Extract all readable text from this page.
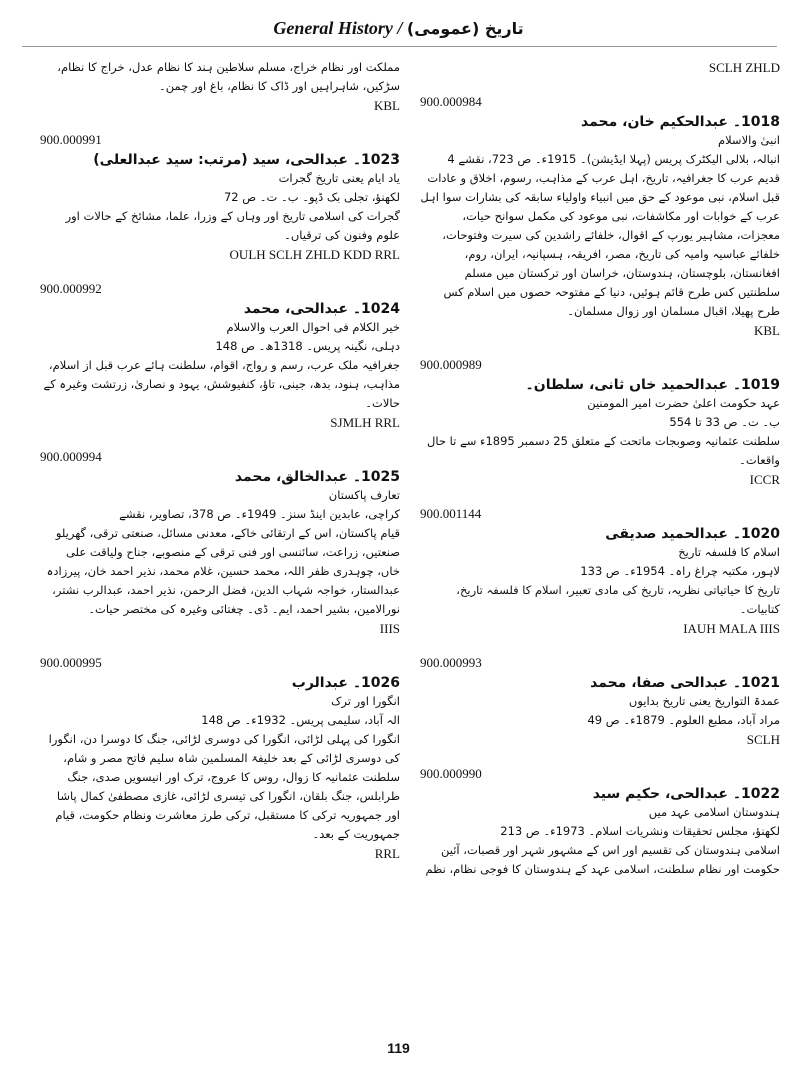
General History / تاریخ (عمومی)
مملکت اور نظام خراج، مسلم سلاطین ہند کا نظام عدل، خراج کا نظام، سڑکیں، شاہراہیں اور ڈاک کا نظام، باغ اور چمن۔
KBL
900.000991
1023۔ عبدالحی، سید (مرتب: سید عبدالعلی)
یاد ایام یعنی تاریخ گجرات
لکھنؤ، تجلی بک ڈپو۔ ب۔ ت۔ ص 72
گجرات کی اسلامی تاریخ اور وہاں کے وزرا، علما، مشائخ کے حالات اور علوم وفنون کی ترقیاں۔
OULH SCLH ZHLD KDD RRL
900.000992
1024۔ عبدالحی، محمد
خیر الکلام فی احوال العرب والاسلام
دہلی، نگینہ پریس۔ 1318ھ۔ ص 148
جغرافیہ ملک عرب، رسم و رواج، اقوام، سلطنت ہائے عرب قبل از اسلام، مذاہب، ہنود، بدھ، جینی، تاؤ، کنفیوشش، یہود و نصاریٰ، زرتشت وغیرہ کے حالات۔
SJMLH RRL
900.000994
1025۔ عبدالخالق، محمد
تعارف پاکستان
کراچی، عابدین اینڈ سنز۔ 1949ء۔ ص 378، تصاویر، نقشے
قیام پاکستان، اس کے ارتقائی خاکے، معدنی مسائل، صنعتی ترقی، گھریلو صنعتیں، زراعت، سائنسی اور فنی ترقی کے منصوبے، جناح ولیاقت علی خاں، چوہدری ظفر اللہ، محمد حسین، غلام محمد، نذیر احمد خان، پیرزادہ عبدالستار، خواجہ شہاب الدین، فضل الرحمن، نذیر احمد، عبدالرب نشتر، نورالامین، بشیر احمد، ایم۔ ڈی۔ چغتائی وغیرہ کی مختصر حیات۔
IIIS
900.000995
1026۔ عبدالرب
انگورا اور ترک
الہ آباد، سلیمی پریس۔ 1932ء۔ ص 148
انگورا کی پہلی لڑائی، انگورا کی دوسری لڑائی، جنگ کا دوسرا دن، انگورا کی دوسری لڑائی کے بعد خلیفۃ المسلمین شاہ سلیم فاتح مصر و شام، سلطنت عثمانیہ کا زوال، روس کا عروج، ترک اور انیسویں صدی، جنگ طرابلس، جنگ بلقان، انگورا کی تیسری لڑائی، غازی مصطفیٰ کمال پاشا اور جمہوریہ ترکی کا مستقبل، ترکی طرز معاشرت ونظام حکومت، قیام جمہوریت کے بعد۔
RRL
SCLH ZHLD
900.000984
1018۔ عبدالحکیم خان، محمد
انبیٰ والاسلام
انبالہ، بلالی الیکٹرک پریس (پہلا ایڈیشن)۔ 1915ء۔ ص 723، نقشے 4
قدیم عرب کا جغرافیہ، تاریخ، اہل عرب کے مذاہب، رسوم، اخلاق و عادات قبل اسلام، نبی موعود کے حق میں انبیاء واولیاء سابقہ کی بشارات سوا اہل عرب کے خوابات اور مکاشفات، نبی موعود کی مکمل سوانح حیات، معجزات، مشاہیر یورپ کے اقوال، خلفائے راشدین کی سیرت وفتوحات، خلفائے عباسیہ وامیہ کی تاریخ، مصر، افریقہ، ہسپانیہ، ایران، روم، افغانستان، بلوچستان، ہندوستان، خراسان اور ترکستان میں مسلم سلطنتیں کس طرح قائم ہوئیں، دنیا کے مفتوحہ حصوں میں اسلام کس طرح پھیلا، اقبال مسلمان اور زوال مسلمان۔
KBL
900.000989
1019۔ عبدالحمید خاں ثانی، سلطان۔
عہد حکومت اعلیٰ حضرت امیر المومنین
ب۔ ت۔ ص 33 تا 554
سلطنت عثمانیہ وصوبجات ماتحت کے متعلق 25 دسمبر 1895ء سے تا حال واقعات۔
ICCR
900.001144
1020۔ عبدالحمید صدیقی
اسلام کا فلسفہ تاریخ
لاہور، مکتبہ چراغ راہ۔ 1954ء۔ ص 133
تاریخ کا حیاتیاتی نظریہ، تاریخ کی مادی تعبیر، اسلام کا فلسفہ تاریخ، کتابیات۔
IAUH MALA IIIS
900.000993
1021۔ عبدالحی صفا، محمد
عمدۃ التواریخ یعنی تاریخ بدایوں
مراد آباد، مطبع العلوم۔ 1879ء۔ ص 49
SCLH
900.000990
1022۔ عبدالحی، حکیم سید
ہندوستان اسلامی عہد میں
لکھنؤ، مجلس تحقیقات ونشریات اسلام۔ 1973ء۔ ص 213
اسلامی ہندوستان کی تقسیم اور اس کے مشہور شہر اور قصبات، آئین حکومت اور نظام سلطنت، اسلامی عہد کے ہندوستان کا فوجی نظام، نظم
119
